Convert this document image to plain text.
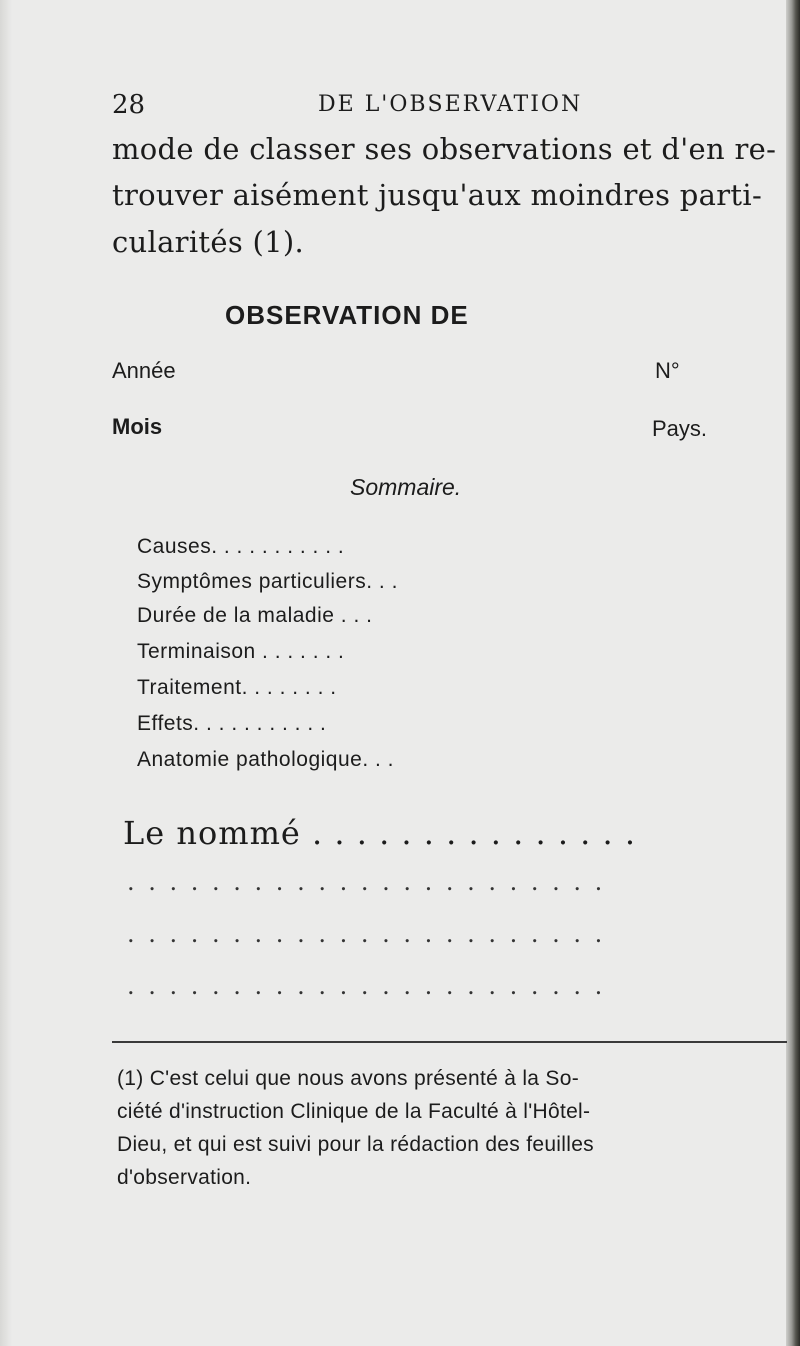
28	DE L'OBSERVATION
mode de classer ses observations et d'en re-
trouver aisément jusqu'aux moindres parti-
cularités (1).
OBSERVATION DE
Année	N°
Mois	Pays.
Sommaire.
Causes. . . . . . . . . . .
Symptômes particuliers. . .
Durée de la maladie . . .
Terminaison . . . . . . .
Traitement. . . . . . . .
Effets. . . . . . . . . . .
Anatomie pathologique. . .
Le nommé . . . . . . . . . . . . . . .
. . . . . . . . . . . . . . . . . . . . . . .
. . . . . . . . . . . . . . . . . . . . . . .
. . . . . . . . . . . . . . . . . . . . . . .
(1) C'est celui que nous avons présenté à la So-
ciété d'instruction Clinique de la Faculté à l'Hôtel-
Dieu, et qui est suivi pour la rédaction des feuilles
d'observation.
